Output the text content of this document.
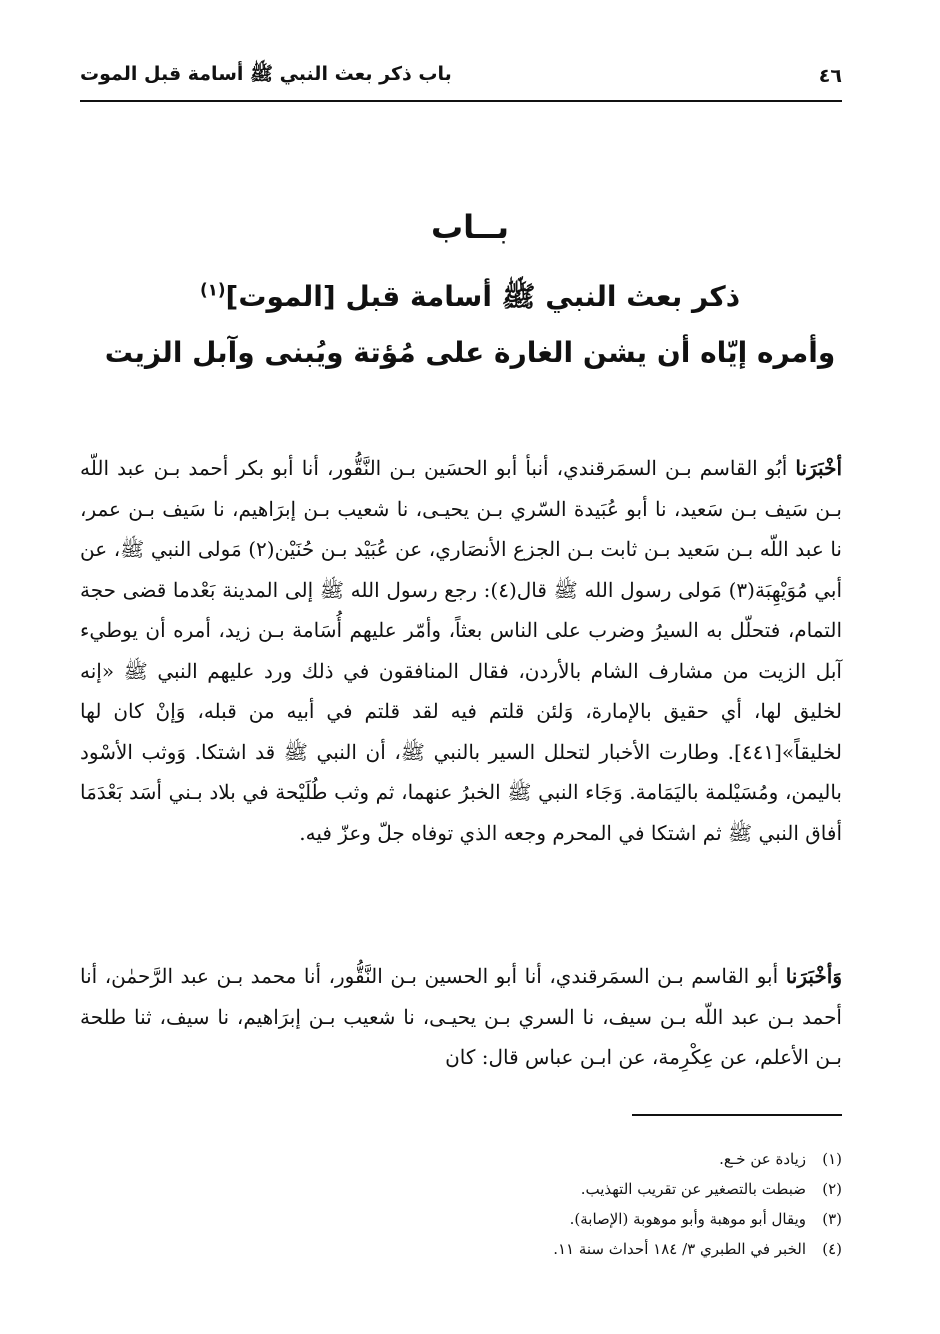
٤٦
باب ذكر بعث النبي ﷺ أسامة قبل الموت
بــاب
ذكر بعث النبي ﷺ أسامة قبل [الموت]$^{(١)}$
وأمره إيّاه أن يشن الغارة على مُؤتة ويُبنى وآبل الزيت

أخْبَرَنا أبُو القاسم بـن السمَرقندي، أنبأ أبو الحسَين بـن النَّقُّور، أنا أبو بكر أحمد بـن عبد اللّه بـن سَيف بـن سَعيد، نا أبو عُبَيدة السّري بـن يحيـى، نا شعيب بـن إبرَاهيم، نا سَيف بـن عمر، نا عبد اللّه بـن سَعيد بـن ثابت بـن الجزع الأنصَاري، عن عُبَيْد بـن حُنَيْن(٢) مَولى النبي ﷺ، عن أبي مُوَيْهِبَة(٣) مَولى رسول الله ﷺ قال(٤): رجع رسول الله ﷺ إلى المدينة بَعْدما قضى حجة التمام، فتحلّل به السيرُ وضرب على الناس بعثاً، وأمّر عليهم أُسَامة بـن زيد، أمره أن يوطيء آبل الزيت من مشارف الشام بالأردن، فقال المنافقون في ذلك ورد عليهم النبي ﷺ «إنه لخليق لها، أي حقيق بالإمارة، وَلئن قلتم فيه لقد قلتم في أبيه من قبله، وَإنْ كان لها لخليقاً»[٤٤١]. وطارت الأخبار لتحلل السير بالنبي ﷺ، أن النبي ﷺ قد اشتكا. وَوثب الأسْود باليمن، ومُسَيْلمة باليَمَامة. وَجَاء النبي ﷺ الخبرُ عنهما، ثم وثب طُلَيْحة في بلاد بـني أسَد بَعْدَمَا أفاق النبي ﷺ ثم اشتكا في المحرم وجعه الذي توفاه جلّ وعزّ فيه.

وَأخْبَرَنا أبو القاسم بـن السمَرقندي، أنا أبو الحسين بـن النَّقُّور، أنا محمد بـن عبد الرَّحمٰن، أنا أحمد بـن عبد اللّه بـن سيف، نا السري بـن يحيـى، نا شعيب بـن إبرَاهيم، نا سيف، ثنا طلحة بـن الأعلم، عن عِكْرِمة، عن ابـن عباس قال: كان

(١)زيادة عن خـع.
(٢)ضبطت بالتصغير عن تقريب التهذيب.
(٣)ويقال أبو موهبة وأبو موهوبة (الإصابة).
(٤)الخبر في الطبري ٣/ ١٨٤ أحداث سنة ١١.
